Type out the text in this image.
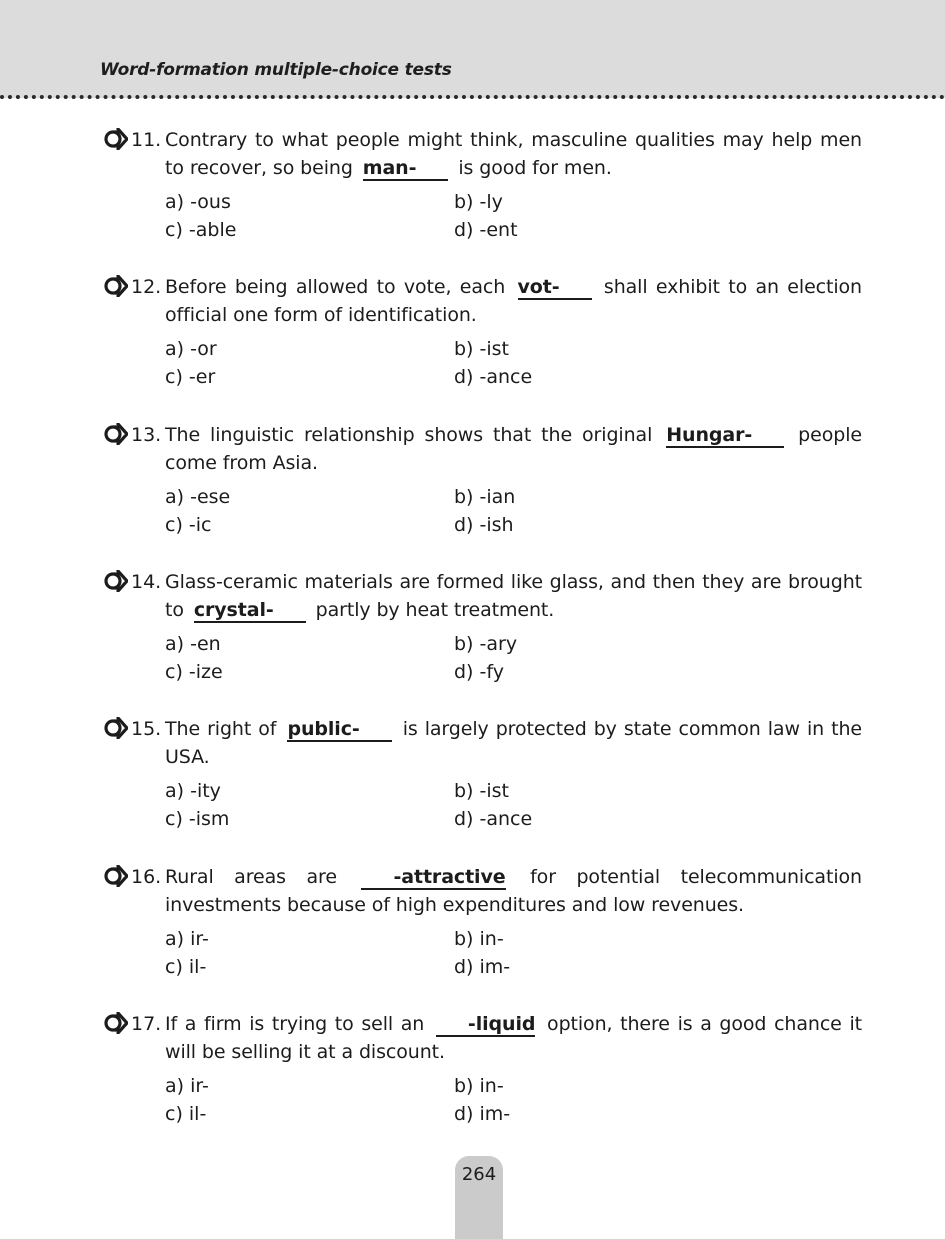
Word-formation multiple-choice tests
11. Contrary to what people might think, masculine qualities may help men to recover, so being man- is good for men.
a) -ous	b) -ly
c) -able	d) -ent
12. Before being allowed to vote, each vot- shall exhibit to an election official one form of identification.
a) -or	b) -ist
c) -er	d) -ance
13. The linguistic relationship shows that the original Hungar- people come from Asia.
a) -ese	b) -ian
c) -ic	d) -ish
14. Glass-ceramic materials are formed like glass, and then they are brought to crystal- partly by heat treatment.
a) -en	b) -ary
c) -ize	d) -fy
15. The right of public- is largely protected by state common law in the USA.
a) -ity	b) -ist
c) -ism	d) -ance
16. Rural areas are	-attractive for potential telecommunication investments because of high expenditures and low revenues.
a) ir-	b) in-
c) il-	d) im-
17. If a firm is trying to sell an -liquid option, there is a good chance it will be selling it at a discount.
a) ir-	b) in-
c) il-	d) im-
264
